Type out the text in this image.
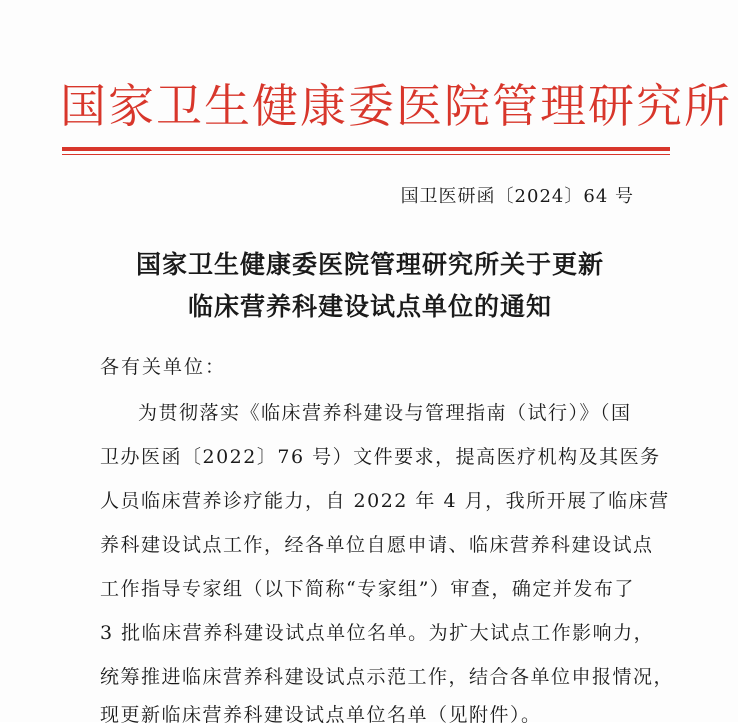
国家卫生健康委医院管理研究所
国卫医研函〔2024〕64 号
国家卫生健康委医院管理研究所关于更新
临床营养科建设试点单位的通知
各有关单位：
为贯彻落实《临床营养科建设与管理指南（试行）》（国
卫办医函〔2022〕76 号）文件要求，提高医疗机构及其医务
人员临床营养诊疗能力，自 2022 年 4 月，我所开展了临床营
养科建设试点工作，经各单位自愿申请、临床营养科建设试点
工作指导专家组（以下简称“专家组”）审查，确定并发布了
3 批临床营养科建设试点单位名单。为扩大试点工作影响力，
统筹推进临床营养科建设试点示范工作，结合各单位申报情况，
现更新临床营养科建设试点单位名单（见附件）。
